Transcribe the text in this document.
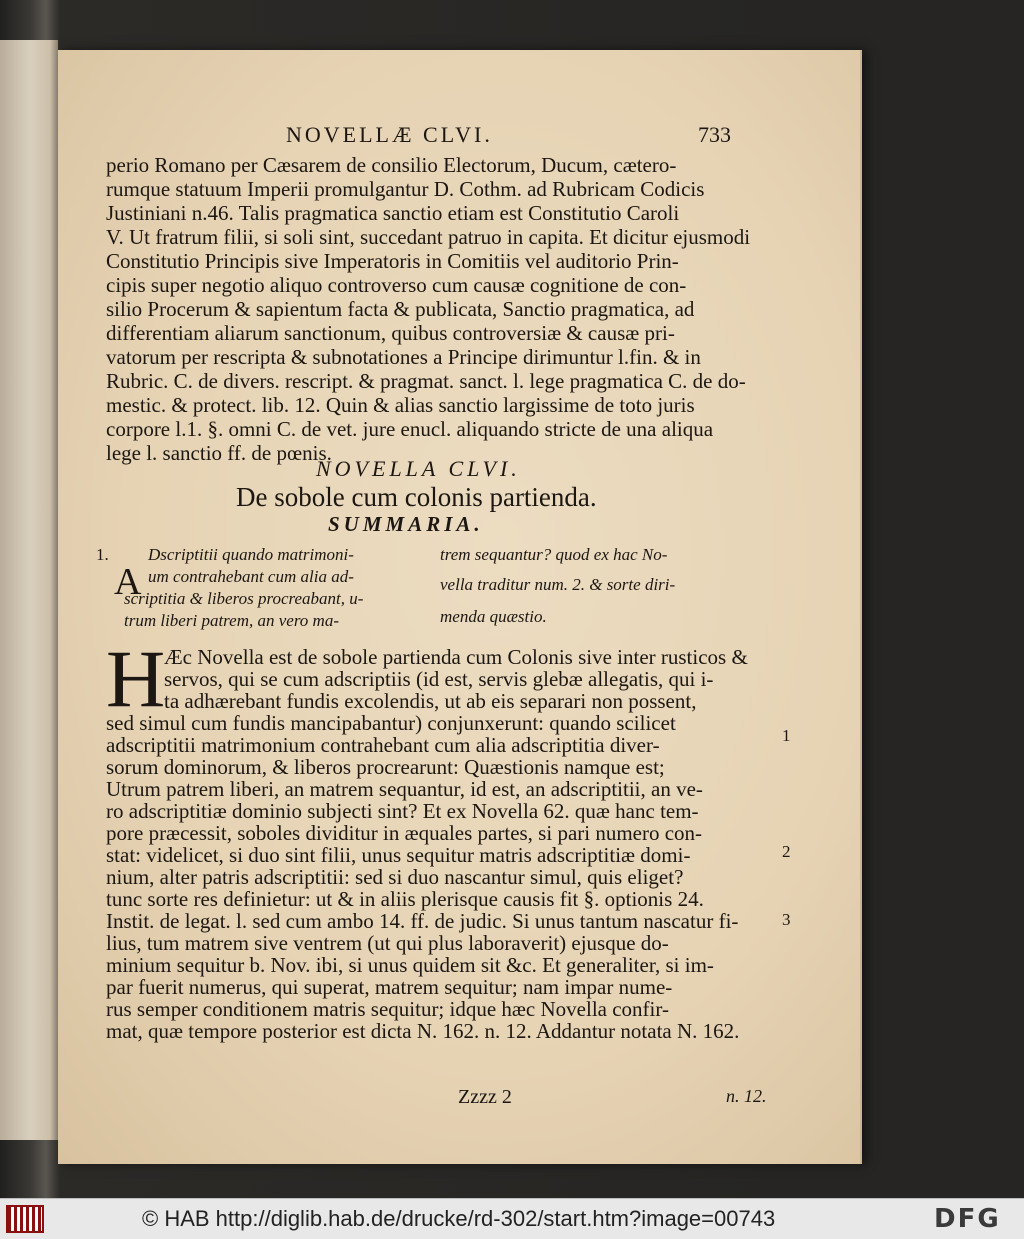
NOVELLÆ CLVI.	733
perio Romano per Cæsarem de consilio Electorum, Ducum, cætero-
rumque statuum Imperii promulgantur D. Cothm. ad Rubricam Codicis
Justiniani n.46. Talis pragmatica sanctio etiam est Constitutio Caroli
V. Ut fratrum filii, si soli sint, succedant patruo in capita. Et dicitur ejusmodi
Constitutio Principis sive Imperatoris in Comitiis vel auditorio Prin-
cipis super negotio aliquo controverso cum causæ cognitione de con-
silio Procerum & sapientum facta & publicata, Sanctio pragmatica, ad
differentiam aliarum sanctionum, quibus controversiæ & causæ pri-
vatorum per rescripta & subnotationes a Principe dirimuntur l.fin. & in
Rubric. C. de divers. rescript. & pragmat. sanct. l. lege pragmatica C. de do-
mestic. & protect. lib. 12. Quin & alias sanctio largissime de toto juris
corpore l.1. §. omni C. de vet. jure enucl. aliquando stricte de una aliqua
lege l. sanctio ff. de pœnis.
NOVELLA CLVI.
De sobole cum colonis partienda.
SUMMARIA.
1.
A
Dscriptitii quando matrimoni-
um contrahebant cum alia ad-
scriptitia & liberos procreabant, u-
trum liberi patrem, an vero ma-
trem sequantur? quod ex hac No-
vella traditur num. 2. & sorte diri-
menda quæstio.
H
Æc Novella est de sobole partienda cum Colonis sive inter rusticos &
servos, qui se cum adscriptiis (id est, servis glebæ allegatis, qui i-
ta adhærebant fundis excolendis, ut ab eis separari non possent,
sed simul cum fundis mancipabantur) conjunxerunt: quando scilicet
adscriptitii matrimonium contrahebant cum alia adscriptitia diver-
sorum dominorum, & liberos procrearunt: Quæstionis namque est;
Utrum patrem liberi, an matrem sequantur, id est, an adscriptitii, an ve-
ro adscriptitiæ dominio subjecti sint? Et ex Novella 62. quæ hanc tem-
pore præcessit, soboles dividitur in æquales partes, si pari numero con-
stat: videlicet, si duo sint filii, unus sequitur matris adscriptitiæ domi-
nium, alter patris adscriptitii: sed si duo nascantur simul, quis eliget?
tunc sorte res definietur: ut & in aliis plerisque causis fit §. optionis 24.
Instit. de legat. l. sed cum ambo 14. ff. de judic. Si unus tantum nascatur fi-
lius, tum matrem sive ventrem (ut qui plus laboraverit) ejusque do-
minium sequitur b. Nov. ibi, si unus quidem sit &c. Et generaliter, si im-
par fuerit numerus, qui superat, matrem sequitur; nam impar nume-
rus semper conditionem matris sequitur; idque hæc Novella confir-
mat, quæ tempore posterior est dicta N. 162. n. 12. Addantur notata N. 162.
1
2
3
Zzzz 2	n. 12.
© HAB http://diglib.hab.de/drucke/rd-302/start.htm?image=00743	DFG
